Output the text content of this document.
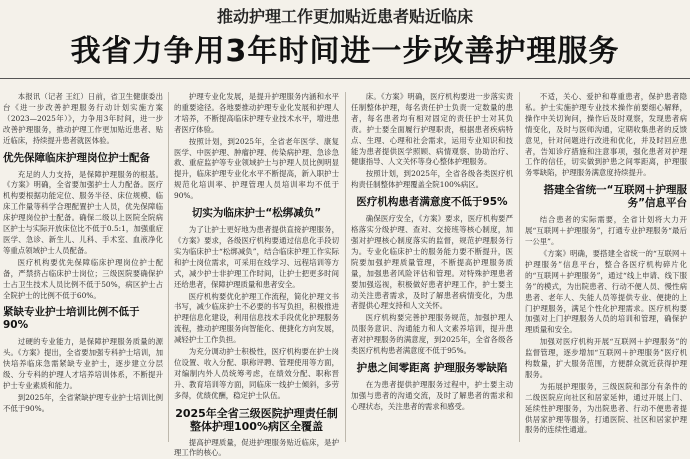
推动护理工作更加贴近患者贴近临床
我省力争用3年时间进一步改善护理服务

本报讯（记者 王红）日前，省卫生健康委出台《进一步改善护理服务行动计划实施方案（2023—2025年）》，力争用3年时间，进一步改善护理服务，推动护理工作更加贴近患者、贴近临床，持续提升患者就医体验。

优先保障临床护理岗位护士配备

充足的人力支持，是保障护理服务的根基。《方案》明确，全省要加强护士人力配备。医疗机构要根据功能定位、服务半径、床位规模、临床工作量等科学合理配置护士人员，优先保障临床护理岗位护士配备。确保二级以上医院全院病区护士与实际开放床位比不低于0.5:1，加强重症医学、急诊、新生儿、儿科、手术室、血液净化等重点领域护士人员配备。

医疗机构要优先保障临床护理岗位护士配备，严禁挤占临床护士岗位；三级医院要确保护士占卫生技术人员比例不低于50%，病区护士占全院护士的比例不低于60%。

紧缺专业护士培训比例不低于90%

过硬的专业能力，是保障护理服务质量的源头。《方案》提出，全省要加强专科护士培训，加快培养临床急需紧缺专业护士，逐步建立分层级、分专科的护理人才培养培训体系，不断提升护士专业素质和能力。

到2025年，全省紧缺护理专业护士培训比例不低于90%。

护理专业化发展，是提升护理服务内涵和水平的重要途径。各地要推动护理专业化发展和护理人才培养，不断提高临床护理专业技术水平，增进患者医疗体验。

按照计划，到2025年，全省老年医学、康复医学、中医护理、肿瘤护理、传染病护理、急诊急救、重症监护等专业领域护士与护理人员比例明显提升，临床护理专业化水平不断提高，新入职护士规范化培训率、护理管理人员培训率均不低于90%。

切实为临床护士“松绑减负”

为了让护士更好地为患者提供直接护理服务，《方案》要求，各级医疗机构要通过信息化手段切实为临床护士“松绑减负”，结合临床护理工作实际和护士岗位需求，可采用在线学习、远程培训等方式，减少护士非护理工作时间，让护士把更多时间还给患者，保障护理质量和患者安全。

医疗机构要优化护理工作流程，简化护理文书书写，减少临床护士不必要的书写负担，积极推进护理信息化建设，利用信息技术手段优化护理服务流程，推动护理服务向智能化、便捷化方向发展，减轻护士工作负担。

为充分调动护士积极性，医疗机构要在护士岗位设置、收入分配、职称评聘、管理使用等方面，对编制内外人员统筹考虑，在绩效分配、职称晋升、教育培训等方面，同临床一线护士倾斜，多劳多得，优绩优酬，稳定护士队伍。

2025年全省三级医院护理责任制整体护理100%病区全覆盖

提高护理质量，促进护理服务贴近临床，是护理工作的核心。

床。《方案》明确，医疗机构要进一步落实责任制整体护理，每名责任护士负责一定数量的患者，每名患者均有相对固定的责任护士对其负责。护士要全面履行护理职责，根据患者疾病特点、生理、心理和社会需求，运用专业知识和技能为患者提供医学照顾、病情观察、协助治疗、健康指导、人文关怀等身心整体护理服务。

按照计划，到2025年，全省各级各类医疗机构责任制整体护理覆盖全院100%病区。

医疗机构患者满意度不低于95%

确保医疗安全，《方案》要求，医疗机构要严格落实分级护理、查对、交接班等核心制度，加强对护理核心制度落实的监督，规范护理服务行为。专业化临床护士的服务能力要不断提升，医院要加强护理质量管理，不断提高护理服务质量，加强患者风险评估和管理。对特殊护理患者要加强巡视，积极做好患者护理工作，护士要主动关注患者需求，及时了解患者病情变化，为患者提供心理支持和人文关怀。

医疗机构要完善护理服务规范，加强护理人员服务意识、沟通能力和人文素养培训，提升患者对护理服务的满意度，到2025年，全省各级各类医疗机构患者满意度不低于95%。

护患之间零距离 护理服务零缺陷

在为患者提供护理服务过程中，护士要主动加强与患者的沟通交流，及时了解患者的需求和心理状态，关注患者的需求和感受。

不适，关心、爱护和尊重患者，保护患者隐私。护士实施护理专业技术操作前要细心解释，操作中关切询问，操作后及时观察，发现患者病情变化，及时与医师沟通，定期收集患者的反馈意见，针对问题进行改进和优化，并及时回应患者，告知诊疗措施和注意事项，强化患者对护理工作的信任，切实做到护患之间零距离，护理服务零缺陷，护理服务满意度持续提升。

搭建全省统一“互联网＋护理服务”信息平台

结合患者的实际需要，全省计划将大力开展“互联网＋护理服务”，打通专业护理服务“最后一公里”。

《方案》明确，要搭建全省统一的“互联网＋护理服务”信息平台，整合各医疗机构碎片化的“互联网＋护理服务”，通过“线上申请、线下服务”的模式，为出院患者、行动不便人员、慢性病患者、老年人、失能人员等提供专业、便捷的上门护理服务，满足个性化护理需求。医疗机构要加强对上门护理服务人员的培训和管理，确保护理质量和安全。

加强对医疗机构开展“互联网＋护理服务”的监督管理，逐步增加“互联网＋护理服务”医疗机构数量，扩大服务范围，方便群众就近获得护理服务。

为拓展护理服务，三级医院和部分有条件的二级医院应向社区和居家延伸，通过开展上门、延续性护理服务，为出院患者、行动不便患者提供居家护理等服务，打通医院、社区和居家护理服务的连续性通道。
